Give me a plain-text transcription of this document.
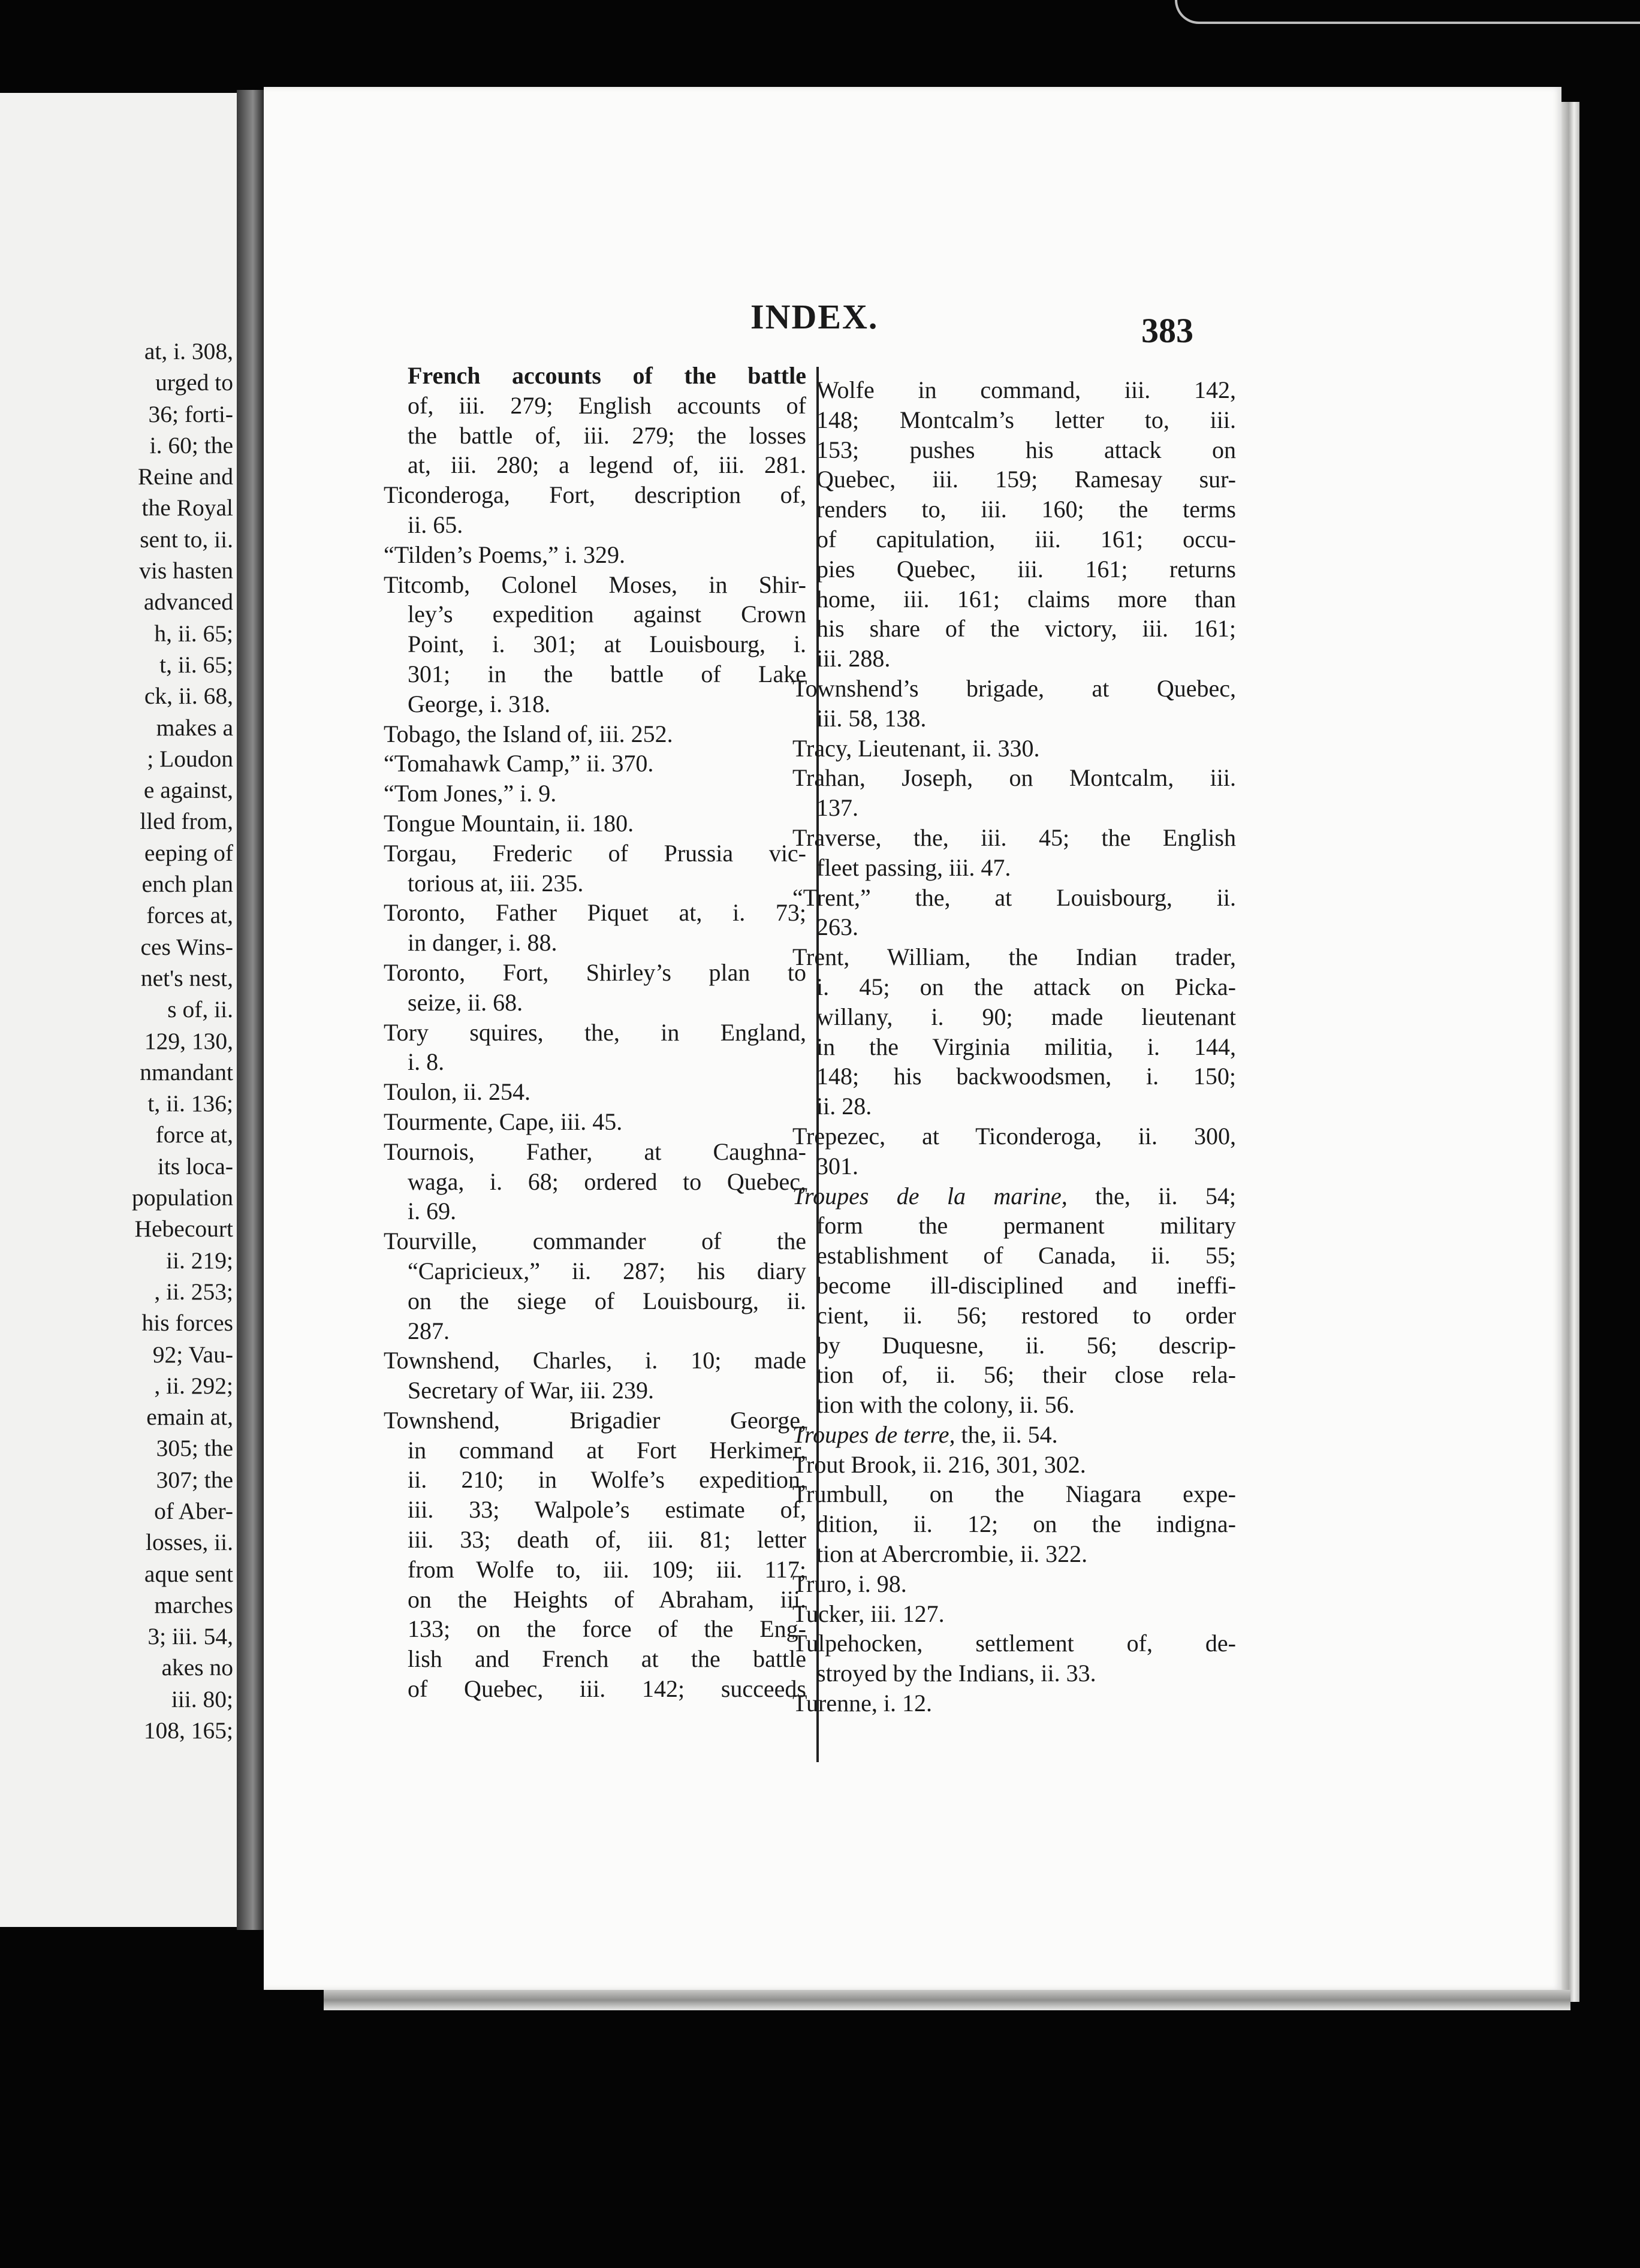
at, i. 308,
urged to
36; forti-
i. 60; the
Reine and
the Royal
sent to, ii.
vis hasten
advanced
h, ii. 65;
t, ii. 65;
ck, ii. 68,
makes a
; Loudon
e against,
lled from,
eeping of
ench plan
forces at,
ces Wins-
net's nest,
s of, ii.
129, 130,
nmandant
t, ii. 136;
force at,
its loca-
population
Hebecourt
ii. 219;
, ii. 253;
his forces
92; Vau-
, ii. 292;
emain at,
305; the
307; the
of Aber-
losses, ii.
aque sent
marches
3; iii. 54,
akes no
iii. 80;
108, 165;
INDEX.	383
French accounts of the battle
of, iii. 279; English accounts of
the battle of, iii. 279; the losses
at, iii. 280; a legend of, iii. 281.
Ticonderoga, Fort, description of,
ii. 65.
“Tilden’s Poems,” i. 329.
Titcomb, Colonel Moses, in Shir-
ley’s expedition against Crown
Point, i. 301; at Louisbourg, i.
301; in the battle of Lake
George, i. 318.
Tobago, the Island of, iii. 252.
“Tomahawk Camp,” ii. 370.
“Tom Jones,” i. 9.
Tongue Mountain, ii. 180.
Torgau, Frederic of Prussia vic-
torious at, iii. 235.
Toronto, Father Piquet at, i. 73;
in danger, i. 88.
Toronto, Fort, Shirley’s plan to
seize, ii. 68.
Tory squires, the, in England,
i. 8.
Toulon, ii. 254.
Tourmente, Cape, iii. 45.
Tournois, Father, at Caughna-
waga, i. 68; ordered to Quebec,
i. 69.
Tourville, commander of the
“Capricieux,” ii. 287; his diary
on the siege of Louisbourg, ii.
287.
Townshend, Charles, i. 10; made
Secretary of War, iii. 239.
Townshend, Brigadier George,
in command at Fort Herkimer,
ii. 210; in Wolfe’s expedition,
iii. 33; Walpole’s estimate of,
iii. 33; death of, iii. 81; letter
from Wolfe to, iii. 109; iii. 117;
on the Heights of Abraham, iii.
133; on the force of the Eng-
lish and French at the battle
of Quebec, iii. 142; succeeds
Wolfe in command, iii. 142,
148; Montcalm’s letter to, iii.
153; pushes his attack on
Quebec, iii. 159; Ramesay sur-
renders to, iii. 160; the terms
of capitulation, iii. 161; occu-
pies Quebec, iii. 161; returns
home, iii. 161; claims more than
his share of the victory, iii. 161;
iii. 288.
Townshend’s brigade, at Quebec,
iii. 58, 138.
Tracy, Lieutenant, ii. 330.
Trahan, Joseph, on Montcalm, iii.
137.
Traverse, the, iii. 45; the English
fleet passing, iii. 47.
“Trent,” the, at Louisbourg, ii.
263.
Trent, William, the Indian trader,
i. 45; on the attack on Picka-
willany, i. 90; made lieutenant
in the Virginia militia, i. 144,
148; his backwoodsmen, i. 150;
ii. 28.
Trepezec, at Ticonderoga, ii. 300,
301.
Troupes de la marine, the, ii. 54;
form the permanent military
establishment of Canada, ii. 55;
become ill-disciplined and ineffi-
cient, ii. 56; restored to order
by Duquesne, ii. 56; descrip-
tion of, ii. 56; their close rela-
tion with the colony, ii. 56.
Troupes de terre, the, ii. 54.
Trout Brook, ii. 216, 301, 302.
Trumbull, on the Niagara expe-
dition, ii. 12; on the indigna-
tion at Abercrombie, ii. 322.
Truro, i. 98.
Tucker, iii. 127.
Tulpehocken, settlement of, de-
stroyed by the Indians, ii. 33.
Turenne, i. 12.
